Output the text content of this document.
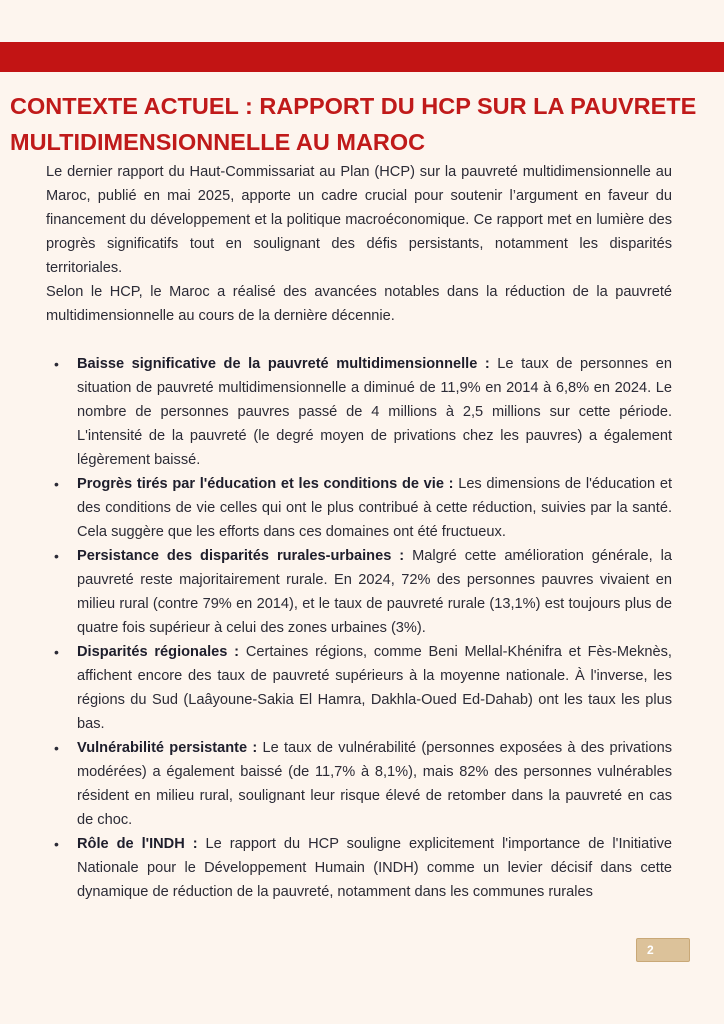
CONTEXTE ACTUEL : RAPPORT DU HCP SUR LA PAUVRETE
MULTIDIMENSIONNELLE AU MAROC

Le dernier rapport du Haut-Commissariat au Plan (HCP) sur la pauvreté multidimensionnelle au Maroc, publié en mai 2025, apporte un cadre crucial pour soutenir l’argument en faveur du financement du développement et la politique macroéconomique. Ce rapport met en lumière des progrès significatifs tout en soulignant des défis persistants, notamment les disparités territoriales.

Selon le HCP, le Maroc a réalisé des avancées notables dans la réduction de la pauvreté multidimensionnelle au cours de la dernière décennie.

• Baisse significative de la pauvreté multidimensionnelle : Le taux de personnes en situation de pauvreté multidimensionnelle a diminué de 11,9% en 2014 à 6,8% en 2024. Le nombre de personnes pauvres passé de 4 millions à 2,5 millions sur cette période. L'intensité de la pauvreté (le degré moyen de privations chez les pauvres) a également légèrement baissé.
• Progrès tirés par l'éducation et les conditions de vie : Les dimensions de l'éducation et des conditions de vie celles qui ont le plus contribué à cette réduction, suivies par la santé. Cela suggère que les efforts dans ces domaines ont été fructueux.
• Persistance des disparités rurales-urbaines : Malgré cette amélioration générale, la pauvreté reste majoritairement rurale. En 2024, 72% des personnes pauvres vivaient en milieu rural (contre 79% en 2014), et le taux de pauvreté rurale (13,1%) est toujours plus de quatre fois supérieur à celui des zones urbaines (3%).
• Disparités régionales : Certaines régions, comme Beni Mellal-Khénifra et Fès-Meknès, affichent encore des taux de pauvreté supérieurs à la moyenne nationale. À l'inverse, les régions du Sud (Laâyoune-Sakia El Hamra, Dakhla-Oued Ed-Dahab) ont les taux les plus bas.
• Vulnérabilité persistante : Le taux de vulnérabilité (personnes exposées à des privations modérées) a également baissé (de 11,7% à 8,1%), mais 82% des personnes vulnérables résident en milieu rural, soulignant leur risque élevé de retomber dans la pauvreté en cas de choc.
• Rôle de l'INDH : Le rapport du HCP souligne explicitement l'importance de l'Initiative Nationale pour le Développement Humain (INDH) comme un levier décisif dans cette dynamique de réduction de la pauvreté, notamment dans les communes rurales
2
